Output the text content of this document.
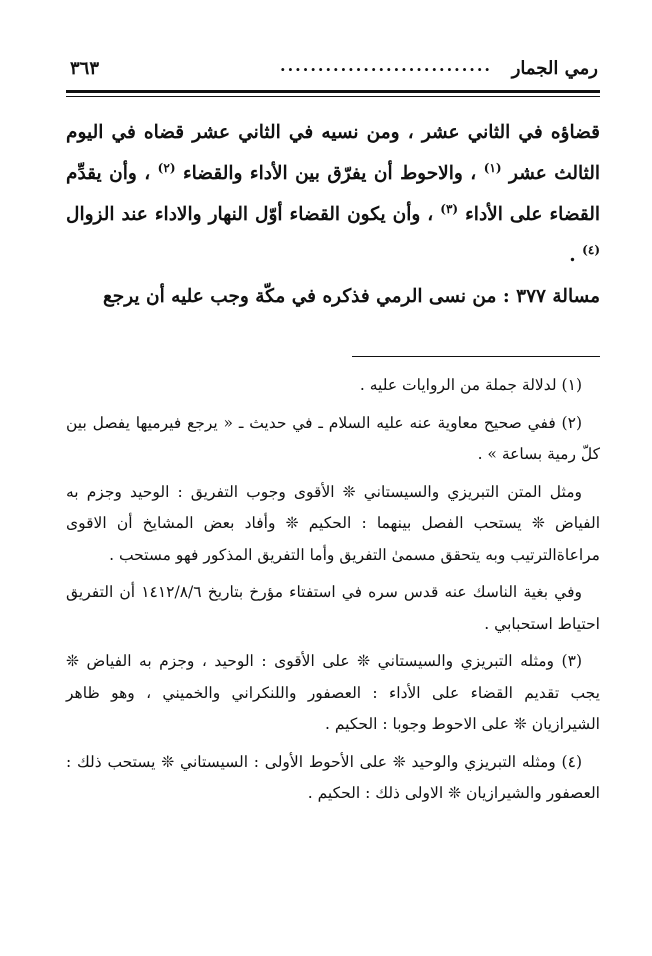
رمي الجمار
............................
٣٦٣

قضاؤه في الثاني عشر ، ومن نسيه في الثاني عشر قضاه في اليوم الثالث عشر $^{(١)}$ ، والاحوط أن يفرّق بين الأداء والقضاء $^{(٢)}$ ، وأن يقدِّم القضاء على الأداء $^{(٣)}$ ، وأن يكون القضاء أوّل النهار والاداء عند الزوال $^{(٤)}$ .

مسالة ٣٧٧ : من نسى الرمي فذكره في مكّة وجب عليه أن يرجع

(١) لدلالة جملة من الروايات عليه .

(٢) ففي صحيح معاوية عنه عليه السلام ـ في حديث ـ « يرجع فيرميها يفصل بين كلّ رمية بساعة » .

ومثل المتن التبريزي والسيستاني ❊ الأقوى وجوب التفريق : الوحيد وجزم به الفياض ❊ يستحب الفصل بينهما : الحكيم ❊ وأفاد بعض المشايخ أن الاقوى مراعاةالترتيب وبه يتحقق مسمىٰ التفريق وأما التفريق المذكور فهو مستحب .

وفي بغية الناسك عنه قدس سره في استفتاء مؤرخ بتاريخ ١٤١٢/٨/٦ أن التفريق احتياط استحبابي .

(٣) ومثله التبريزي والسيستاني ❊ على الأقوى : الوحيد ، وجزم به الفياض ❊ يجب تقديم القضاء على الأداء : العصفور واللنكراني والخميني ، وهو ظاهر الشيرازيان ❊ على الاحوط وجوبا : الحكيم .

(٤) ومثله التبريزي والوحيد ❊ على الأحوط الأولى : السيستاني ❊ يستحب ذلك : العصفور والشيرازيان ❊ الاولى ذلك : الحكيم .
